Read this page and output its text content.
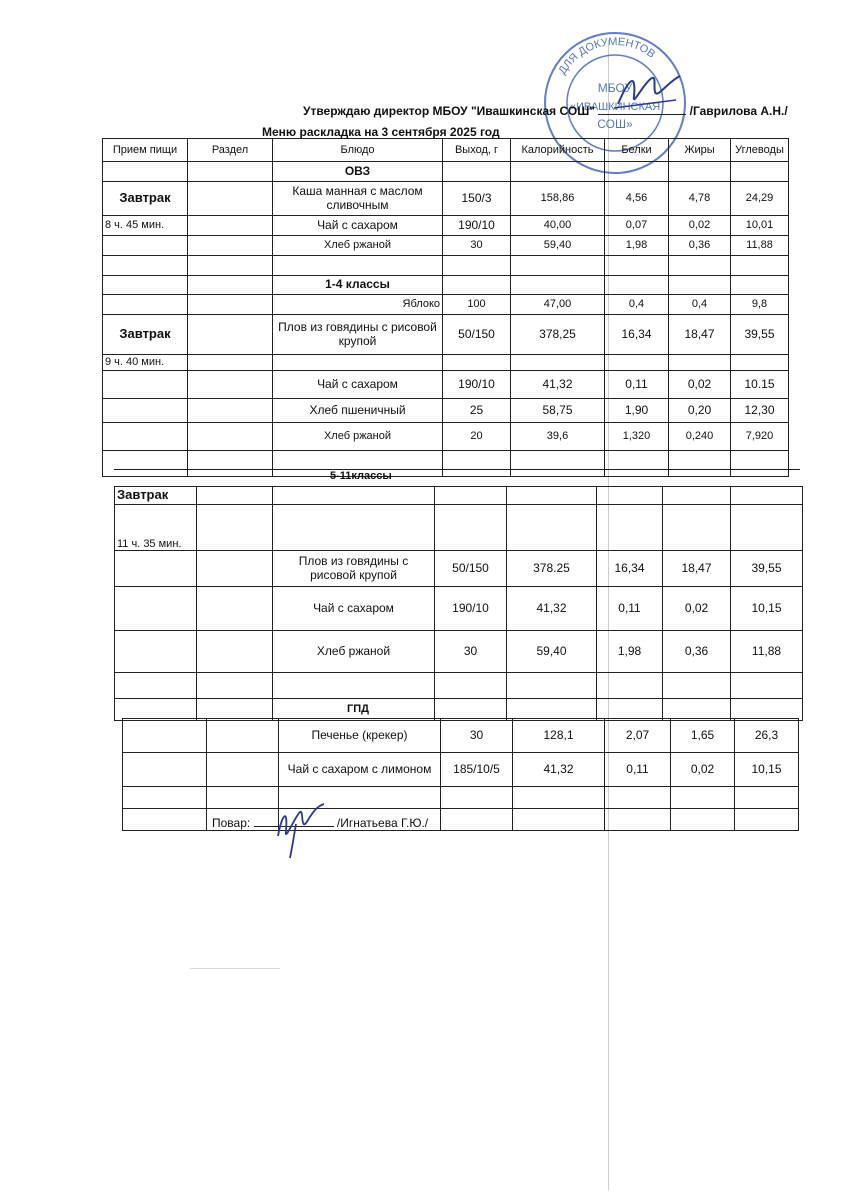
ДЛЯ ДОКУМЕНТОВ
МБОУ
«ИВАШКИНСКАЯ
СОШ»
Утверждаю директор МБОУ "Ивашкинская СОШ"	/Гаврилова А.Н./
Меню раскладка на 3 сентября 2025 год
Прием пищи	Раздел	Блюдо	Выход, г	Калорийность	Белки	Жиры	Углеводы
		ОВЗ					
Завтрак		Каша манная с маслом сливочным	150/3	158,86	4,56	4,78	24,29
8 ч. 45 мин.		Чай с сахаром	190/10	40,00	0,07	0,02	10,01
		Хлеб ржаной	30	59,40	1,98	0,36	11,88

		1-4 классы					
		Яблоко	100	47,00	0,4	0,4	9,8
Завтрак		Плов из говядины с рисовой крупой	50/150	378,25	16,34	18,47	39,55
9 ч. 40 мин.							
		Чай с сахаром	190/10	41,32	0,11	0,02	10.15
		Хлеб пшеничный	25	58,75	1,90	0,20	12,30
		Хлеб ржаной	20	39,6	1,320	0,240	7,920

5-11классы
Завтрак							
11 ч. 35 мин.							
		Плов из говядины с рисовой крупой	50/150	378.25	16,34	18,47	39,55
		Чай с сахаром	190/10	41,32	0,11	0,02	10,15
		Хлеб ржаной	30	59,40	1,98	0,36	11,88

ГПД
		Печенье (крекер)	30	128,1	2,07	1,65	26,3
		Чай с сахаром с лимоном	185/10/5	41,32	0,11	0,02	10,15

Повар:	/Игнатьева Г.Ю./
